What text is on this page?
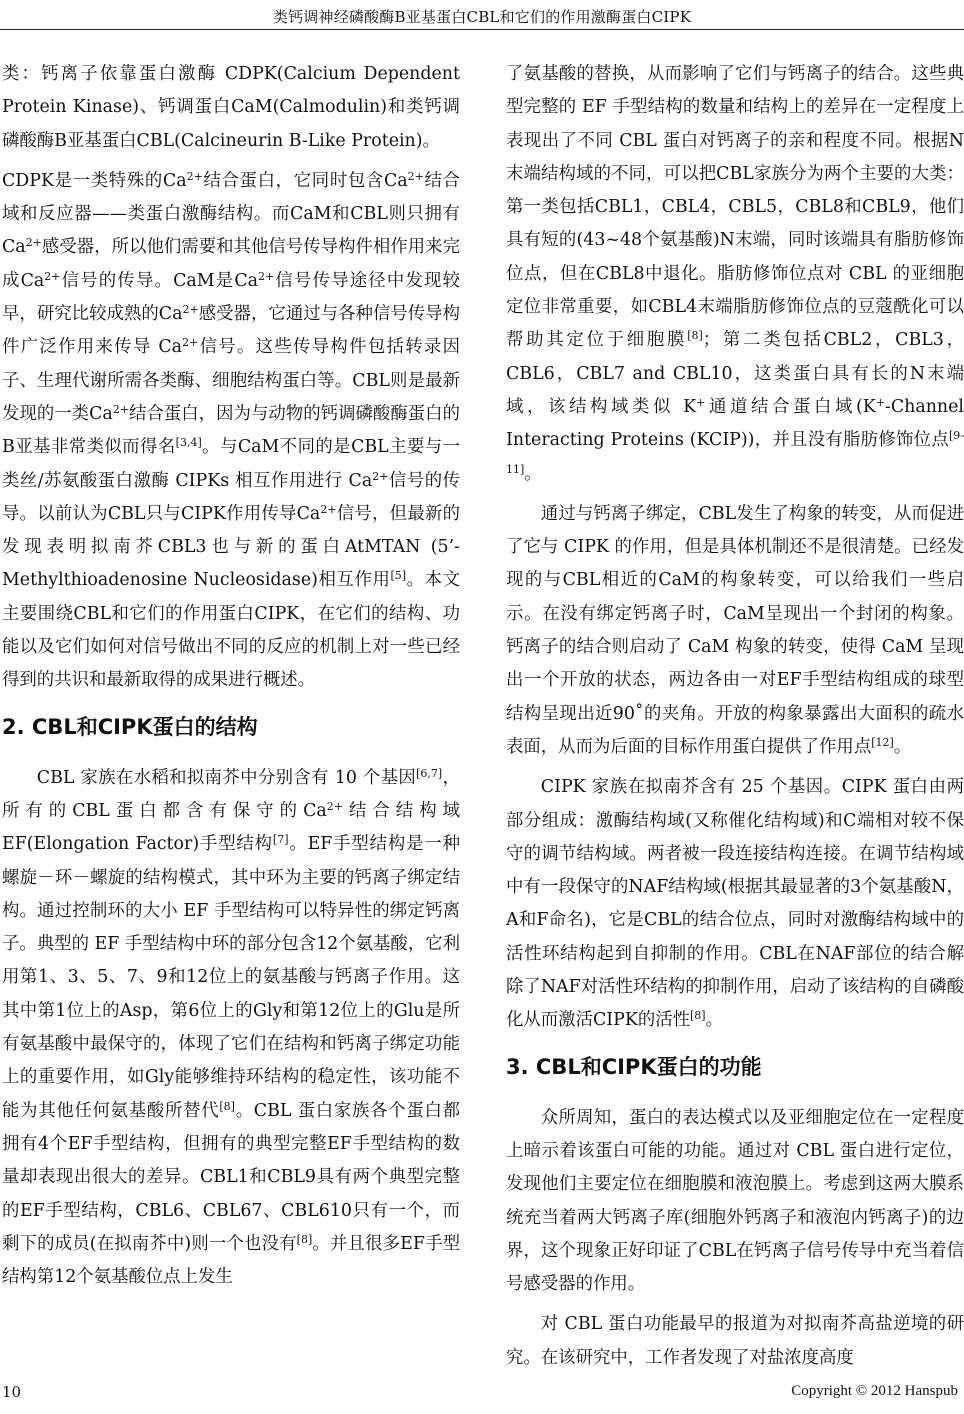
类钙调神经磷酸酶B亚基蛋白CBL和它们的作用激酶蛋白CIPK

类：钙离子依靠蛋白激酶 CDPK(Calcium Dependent Protein Kinase)、钙调蛋白CaM(Calmodulin)和类钙调磷酸酶B亚基蛋白CBL(Calcineurin B-Like Protein)。

CDPK是一类特殊的$Ca^{2+}$结合蛋白，它同时包含$Ca^{2+}$结合域和反应器——类蛋白激酶结构。而CaM和CBL则只拥有$Ca^{2+}$感受器，所以他们需要和其他信号传导构件相作用来完成$Ca^{2+}$信号的传导。CaM是$Ca^{2+}$信号传导途径中发现较早，研究比较成熟的$Ca^{2+}$感受器，它通过与各种信号传导构件广泛作用来传导 $Ca^{2+}$信号。这些传导构件包括转录因子、生理代谢所需各类酶、细胞结构蛋白等。CBL则是最新发现的一类$Ca^{2+}$结合蛋白，因为与动物的钙调磷酸酶蛋白的B亚基非常类似而得名[3,4]。与CaM不同的是CBL主要与一类丝/苏氨酸蛋白激酶 CIPKs 相互作用进行 $Ca^{2+}$信号的传导。以前认为CBL只与CIPK作用传导$Ca^{2+}$信号，但最新的发现表明拟南芥CBL3也与新的蛋白AtMTAN (5’-Methylthioadenosine Nucleosidase)相互作用[5]。本文主要围绕CBL和它们的作用蛋白CIPK，在它们的结构、功能以及它们如何对信号做出不同的反应的机制上对一些已经得到的共识和最新取得的成果进行概述。

2. CBL和CIPK蛋白的结构

CBL 家族在水稻和拟南芥中分别含有 10 个基因[6,7]，所有的CBL蛋白都含有保守的$Ca^{2+}$结合结构域EF(Elongation Factor)手型结构[7]。EF手型结构是一种螺旋－环－螺旋的结构模式，其中环为主要的钙离子绑定结构。通过控制环的大小 EF 手型结构可以特异性的绑定钙离子。典型的 EF 手型结构中环的部分包含12个氨基酸，它利用第1、3、5、7、9和12位上的氨基酸与钙离子作用。这其中第1位上的Asp，第6位上的Gly和第12位上的Glu是所有氨基酸中最保守的，体现了它们在结构和钙离子绑定功能上的重要作用，如Gly能够维持环结构的稳定性，该功能不能为其他任何氨基酸所替代[8]。CBL 蛋白家族各个蛋白都拥有4个EF手型结构，但拥有的典型完整EF手型结构的数量却表现出很大的差异。CBL1和CBL9具有两个典型完整的EF手型结构，CBL6、CBL67、CBL610只有一个，而剩下的成员(在拟南芥中)则一个也没有[8]。并且很多EF手型结构第12个氨基酸位点上发生

了氨基酸的替换，从而影响了它们与钙离子的结合。这些典型完整的 EF 手型结构的数量和结构上的差异在一定程度上表现出了不同 CBL 蛋白对钙离子的亲和程度不同。根据N末端结构域的不同，可以把CBL家族分为两个主要的大类：第一类包括CBL1，CBL4，CBL5，CBL8和CBL9，他们具有短的(43~48个氨基酸)N末端，同时该端具有脂肪修饰位点，但在CBL8中退化。脂肪修饰位点对 CBL 的亚细胞定位非常重要，如CBL4末端脂肪修饰位点的豆蔻酰化可以帮助其定位于细胞膜[8]；第二类包括CBL2，CBL3，CBL6，CBL7 and CBL10，这类蛋白具有长的N末端域，该结构域类似 K+通道结合蛋白域(K+-Channel Interacting Proteins (KCIP))，并且没有脂肪修饰位点[9-11]。

通过与钙离子绑定，CBL发生了构象的转变，从而促进了它与 CIPK 的作用，但是具体机制还不是很清楚。已经发现的与CBL相近的CaM的构象转变，可以给我们一些启示。在没有绑定钙离子时，CaM呈现出一个封闭的构象。钙离子的结合则启动了 CaM 构象的转变，使得 CaM 呈现出一个开放的状态，两边各由一对EF手型结构组成的球型结构呈现出近90˚的夹角。开放的构象暴露出大面积的疏水表面，从而为后面的目标作用蛋白提供了作用点[12]。

CIPK 家族在拟南芥含有 25 个基因。CIPK 蛋白由两部分组成：激酶结构域(又称催化结构域)和C端相对较不保守的调节结构域。两者被一段连接结构连接。在调节结构域中有一段保守的NAF结构域(根据其最显著的3个氨基酸N，A和F命名)，它是CBL的结合位点，同时对激酶结构域中的活性环结构起到自抑制的作用。CBL在NAF部位的结合解除了NAF对活性环结构的抑制作用，启动了该结构的自磷酸化从而激活CIPK的活性[8]。

3. CBL和CIPK蛋白的功能

众所周知，蛋白的表达模式以及亚细胞定位在一定程度上暗示着该蛋白可能的功能。通过对 CBL 蛋白进行定位，发现他们主要定位在细胞膜和液泡膜上。考虑到这两大膜系统充当着两大钙离子库(细胞外钙离子和液泡内钙离子)的边界，这个现象正好印证了CBL在钙离子信号传导中充当着信号感受器的作用。

对 CBL 蛋白功能最早的报道为对拟南芥高盐逆境的研究。在该研究中，工作者发现了对盐浓度高度

10	Copyright © 2012 Hanspub
